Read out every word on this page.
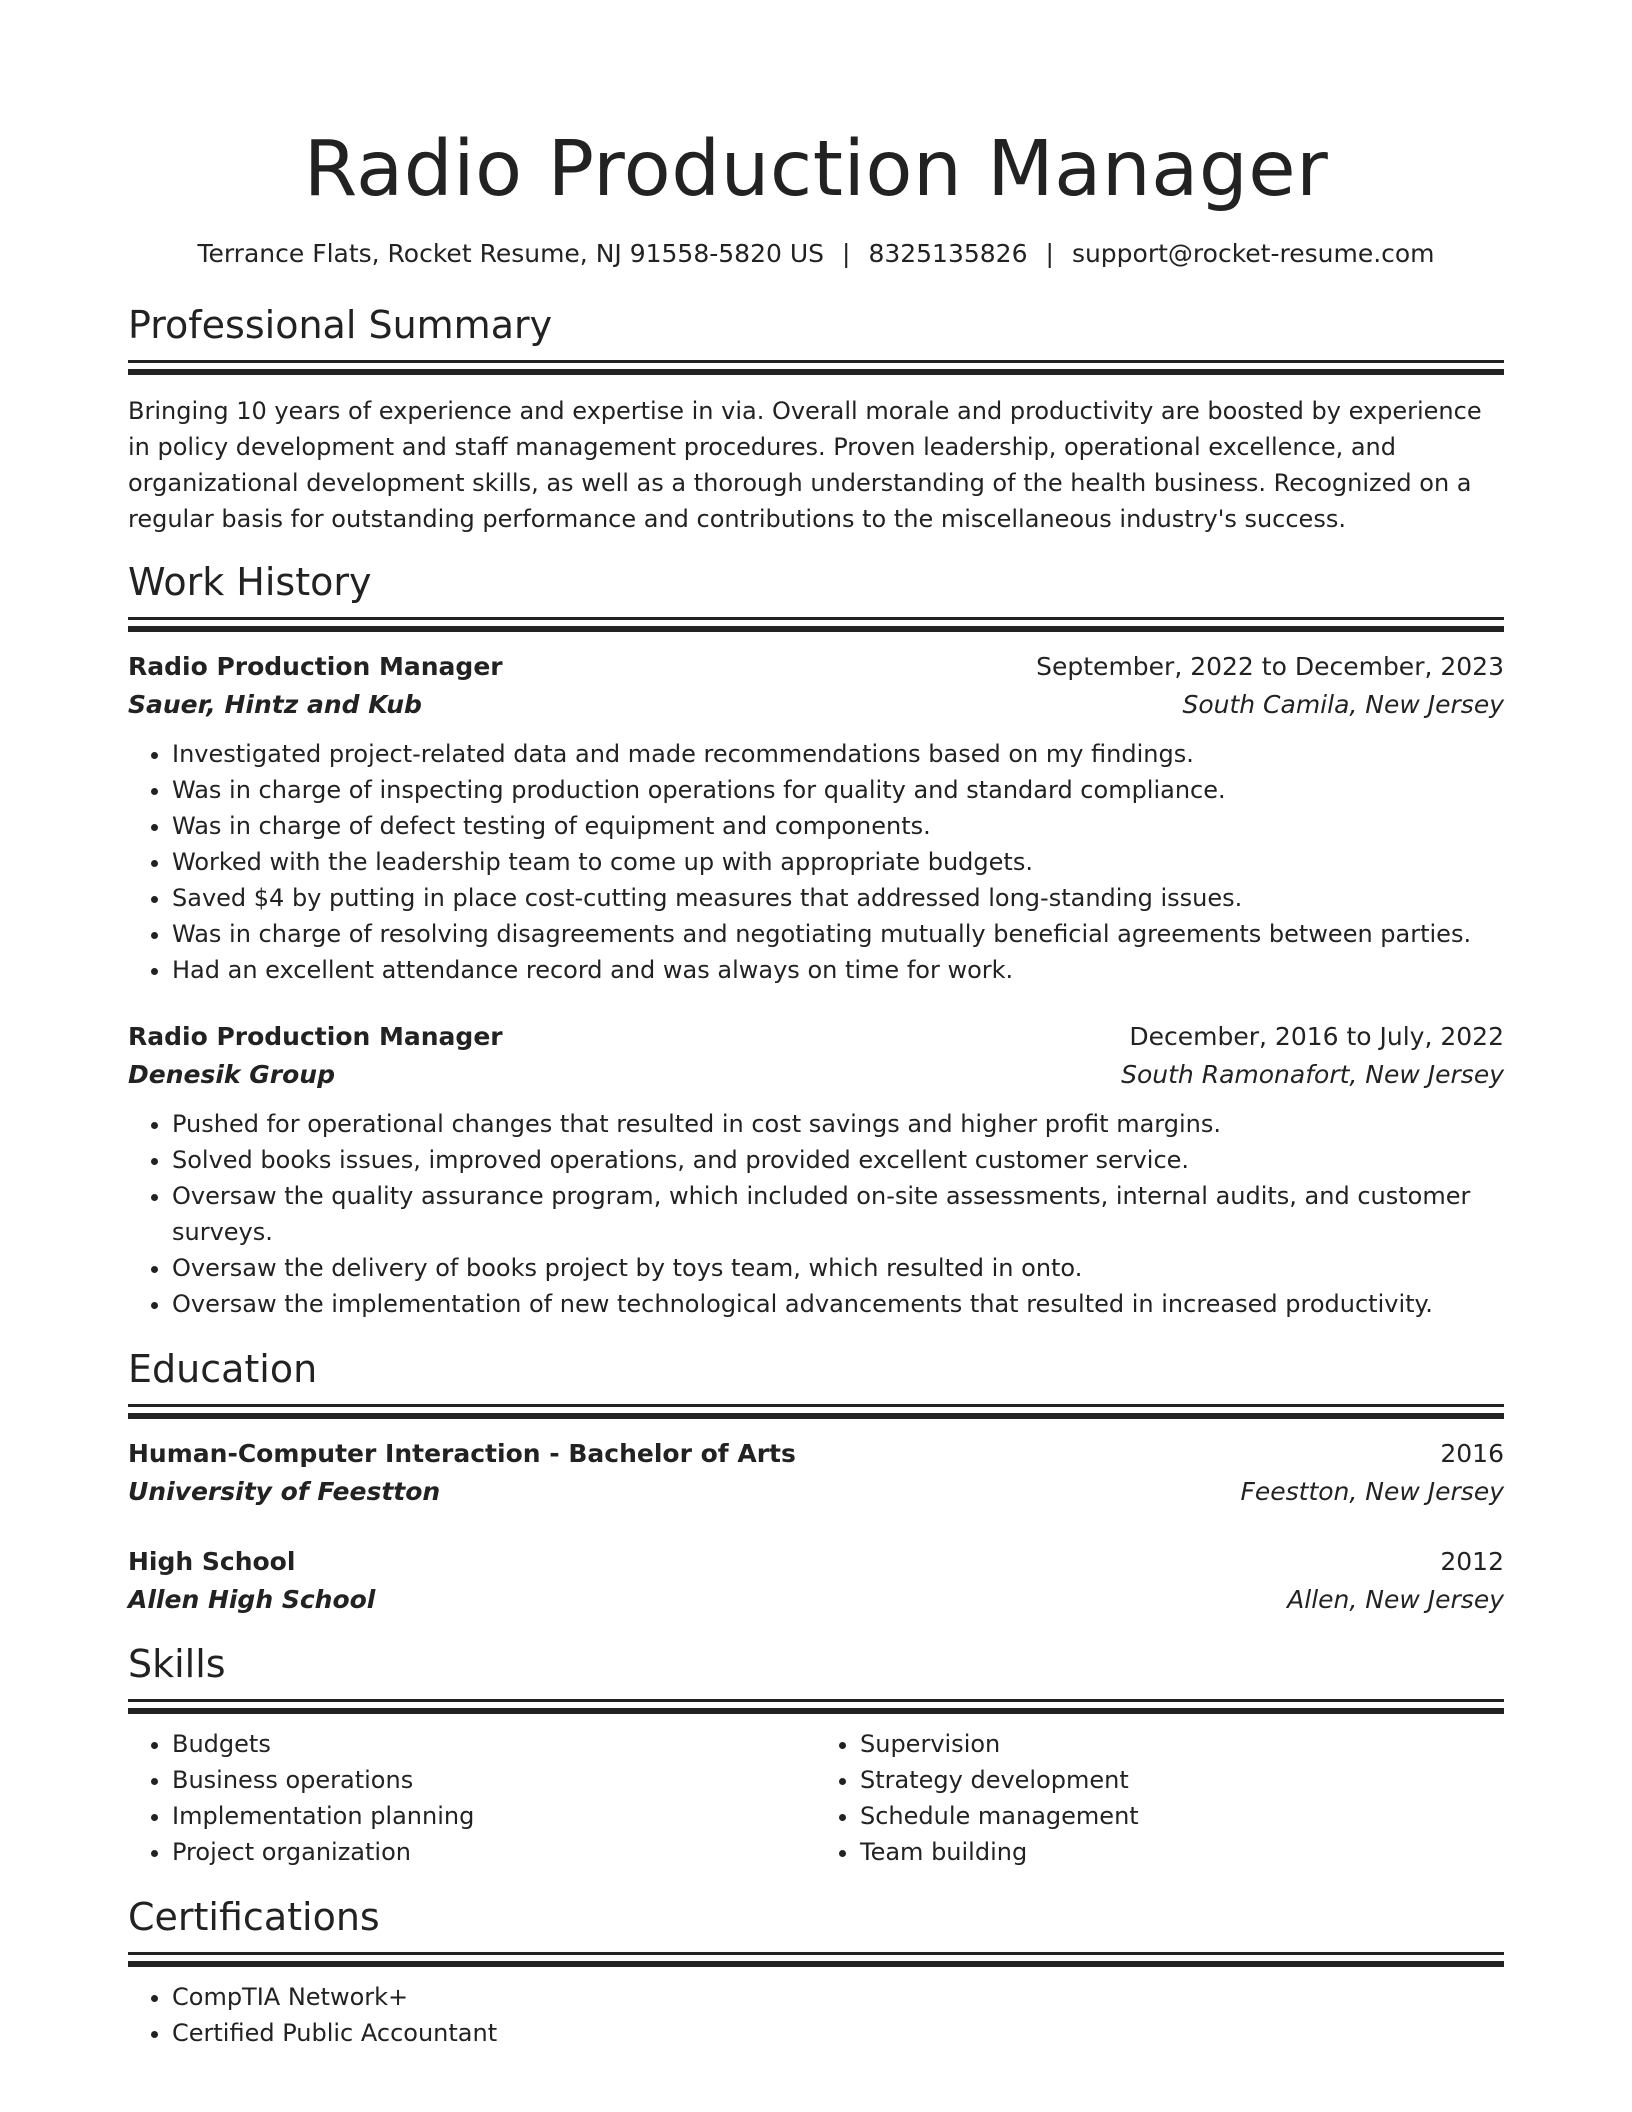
Radio Production Manager
Terrance Flats, Rocket Resume, NJ 91558-5820 US | 8325135826 | support@rocket-resume.com
Professional Summary
Bringing 10 years of experience and expertise in via. Overall morale and productivity are boosted by experience in policy development and staff management procedures. Proven leadership, operational excellence, and organizational development skills, as well as a thorough understanding of the health business. Recognized on a regular basis for outstanding performance and contributions to the miscellaneous industry's success.
Work History
Radio Production Manager	September, 2022 to December, 2023
Sauer, Hintz and Kub	South Camila, New Jersey
• Investigated project-related data and made recommendations based on my findings.
• Was in charge of inspecting production operations for quality and standard compliance.
• Was in charge of defect testing of equipment and components.
• Worked with the leadership team to come up with appropriate budgets.
• Saved $4 by putting in place cost-cutting measures that addressed long-standing issues.
• Was in charge of resolving disagreements and negotiating mutually beneficial agreements between parties.
• Had an excellent attendance record and was always on time for work.
Radio Production Manager	December, 2016 to July, 2022
Denesik Group	South Ramonafort, New Jersey
• Pushed for operational changes that resulted in cost savings and higher profit margins.
• Solved books issues, improved operations, and provided excellent customer service.
• Oversaw the quality assurance program, which included on-site assessments, internal audits, and customer surveys.
• Oversaw the delivery of books project by toys team, which resulted in onto.
• Oversaw the implementation of new technological advancements that resulted in increased productivity.
Education
Human-Computer Interaction - Bachelor of Arts	2016
University of Feestton	Feestton, New Jersey
High School	2012
Allen High School	Allen, New Jersey
Skills
• Budgets
• Business operations
• Implementation planning
• Project organization
• Supervision
• Strategy development
• Schedule management
• Team building
Certifications
• CompTIA Network+
• Certified Public Accountant
